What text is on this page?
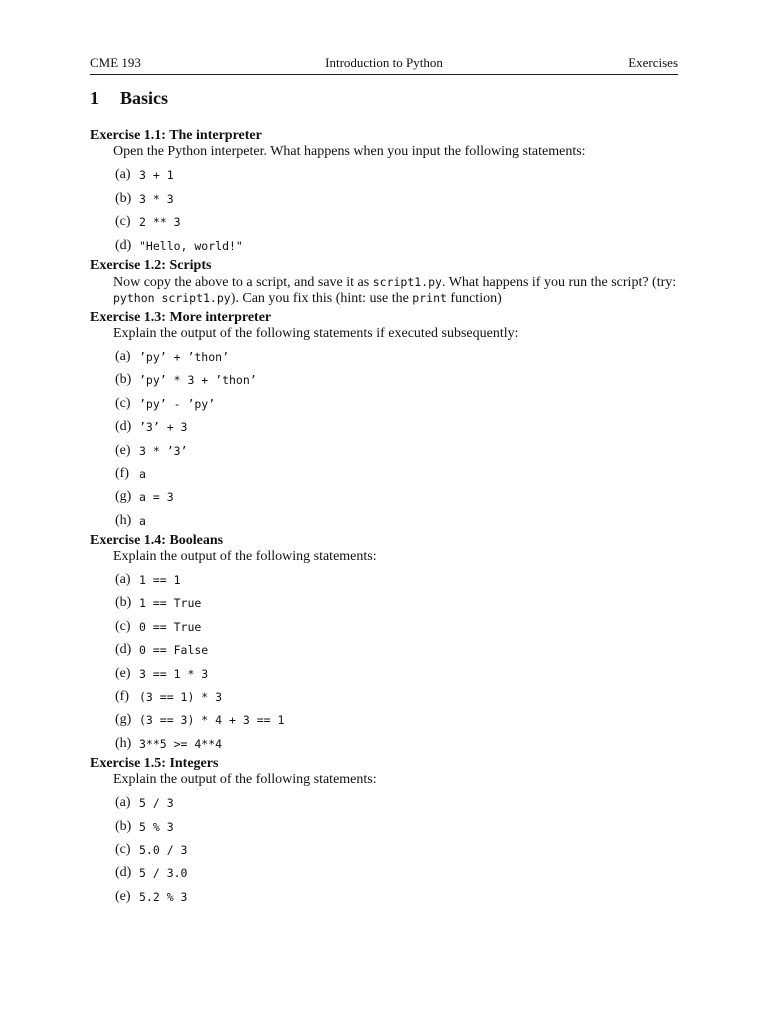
CME 193	Introduction to Python	Exercises
1 Basics
Exercise 1.1: The interpreter
Open the Python interpeter. What happens when you input the following statements:
(a) 3 + 1
(b) 3 * 3
(c) 2 ** 3
(d) "Hello, world!"
Exercise 1.2: Scripts
Now copy the above to a script, and save it as script1.py. What happens if you run the script? (try:
python script1.py). Can you fix this (hint: use the print function)
Exercise 1.3: More interpreter
Explain the output of the following statements if executed subsequently:
(a) ’py’ + ’thon’
(b) ’py’ * 3 + ’thon’
(c) ’py’ - ’py’
(d) ’3’ + 3
(e) 3 * ’3’
(f) a
(g) a = 3
(h) a
Exercise 1.4: Booleans
Explain the output of the following statements:
(a) 1 == 1
(b) 1 == True
(c) 0 == True
(d) 0 == False
(e) 3 == 1 * 3
(f) (3 == 1) * 3
(g) (3 == 3) * 4 + 3 == 1
(h) 3**5 >= 4**4
Exercise 1.5: Integers
Explain the output of the following statements:
(a) 5 / 3
(b) 5 % 3
(c) 5.0 / 3
(d) 5 / 3.0
(e) 5.2 % 3
